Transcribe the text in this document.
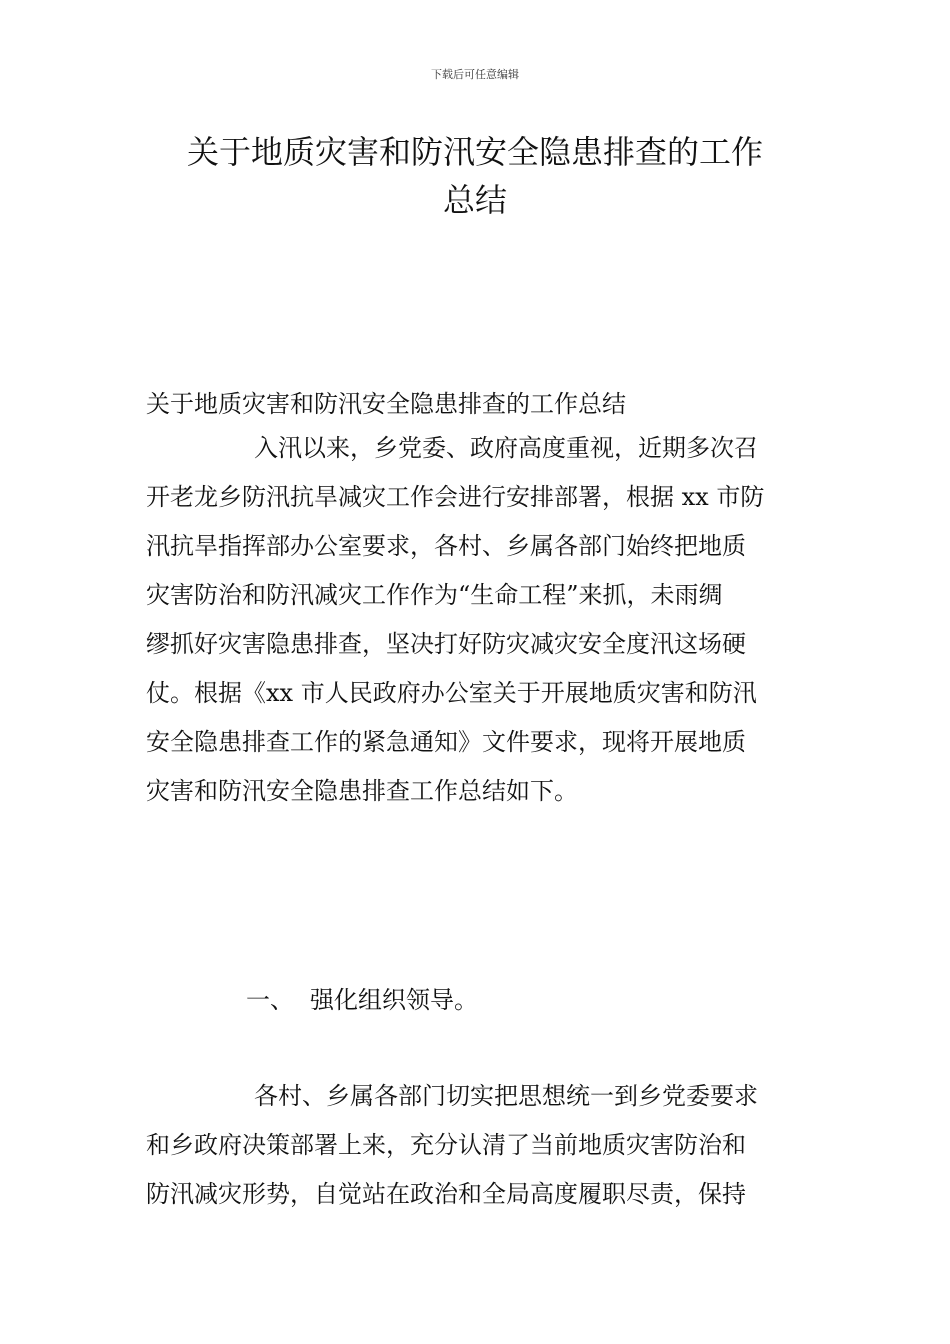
下载后可任意编辑
关于地质灾害和防汛安全隐患排查的工作
总结
关于地质灾害和防汛安全隐患排查的工作总结
入汛以来，乡党委、政府高度重视，近期多次召
开老龙乡防汛抗旱减灾工作会进行安排部署，根据 xx 市防
汛抗旱指挥部办公室要求，各村、乡属各部门始终把地质
灾害防治和防汛减灾工作作为“生命工程”来抓，未雨绸
缪抓好灾害隐患排查，坚决打好防灾减灾安全度汛这场硬
仗。根据《xx 市人民政府办公室关于开展地质灾害和防汛
安全隐患排查工作的紧急通知》文件要求，现将开展地质
灾害和防汛安全隐患排查工作总结如下。
一、 强化组织领导。
各村、乡属各部门切实把思想统一到乡党委要求
和乡政府决策部署上来，充分认清了当前地质灾害防治和
防汛减灾形势，自觉站在政治和全局高度履职尽责，保持
